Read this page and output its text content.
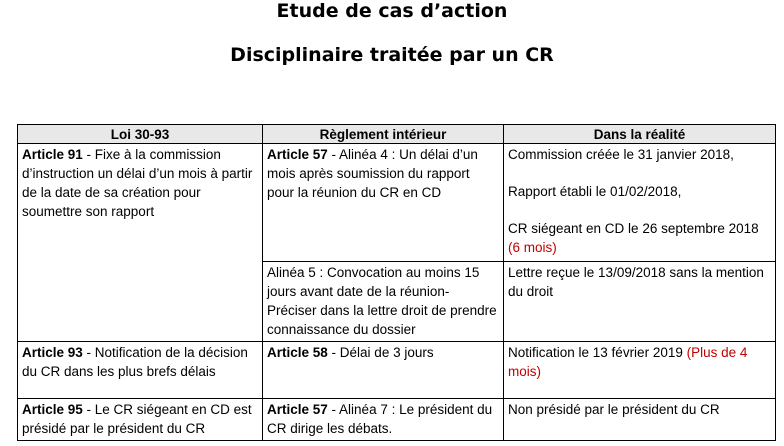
Etude de cas d’action
Disciplinaire traitée par un CR
Loi 30-93	Règlement intérieur	Dans la réalité
Article 91 - Fixe à la commission d’instruction un délai d’un mois à partir de la date de sa création pour soumettre son rapport	Article 57 - Alinéa 4 : Un délai d’un mois après soumission du rapport pour la réunion du CR en CD	Commission créée le 31 janvier 2018,

Rapport établi le 01/02/2018,

CR siégeant en CD le 26 septembre 2018 (6 mois)

	Alinéa 5 : Convocation au moins 15 jours avant date de la réunion- Préciser dans la lettre droit de prendre connaissance du dossier	Lettre reçue le 13/09/2018 sans la mention du droit
Article 93 - Notification de la décision du CR dans les plus brefs délais	Article 58 - Délai de 3 jours	Notification le 13 février 2019 (Plus de 4 mois)
Article 95 - Le CR siégeant en CD est présidé par le président du CR	Article 57 - Alinéa 7 : Le président du CR dirige les débats.	Non présidé par le président du CR
